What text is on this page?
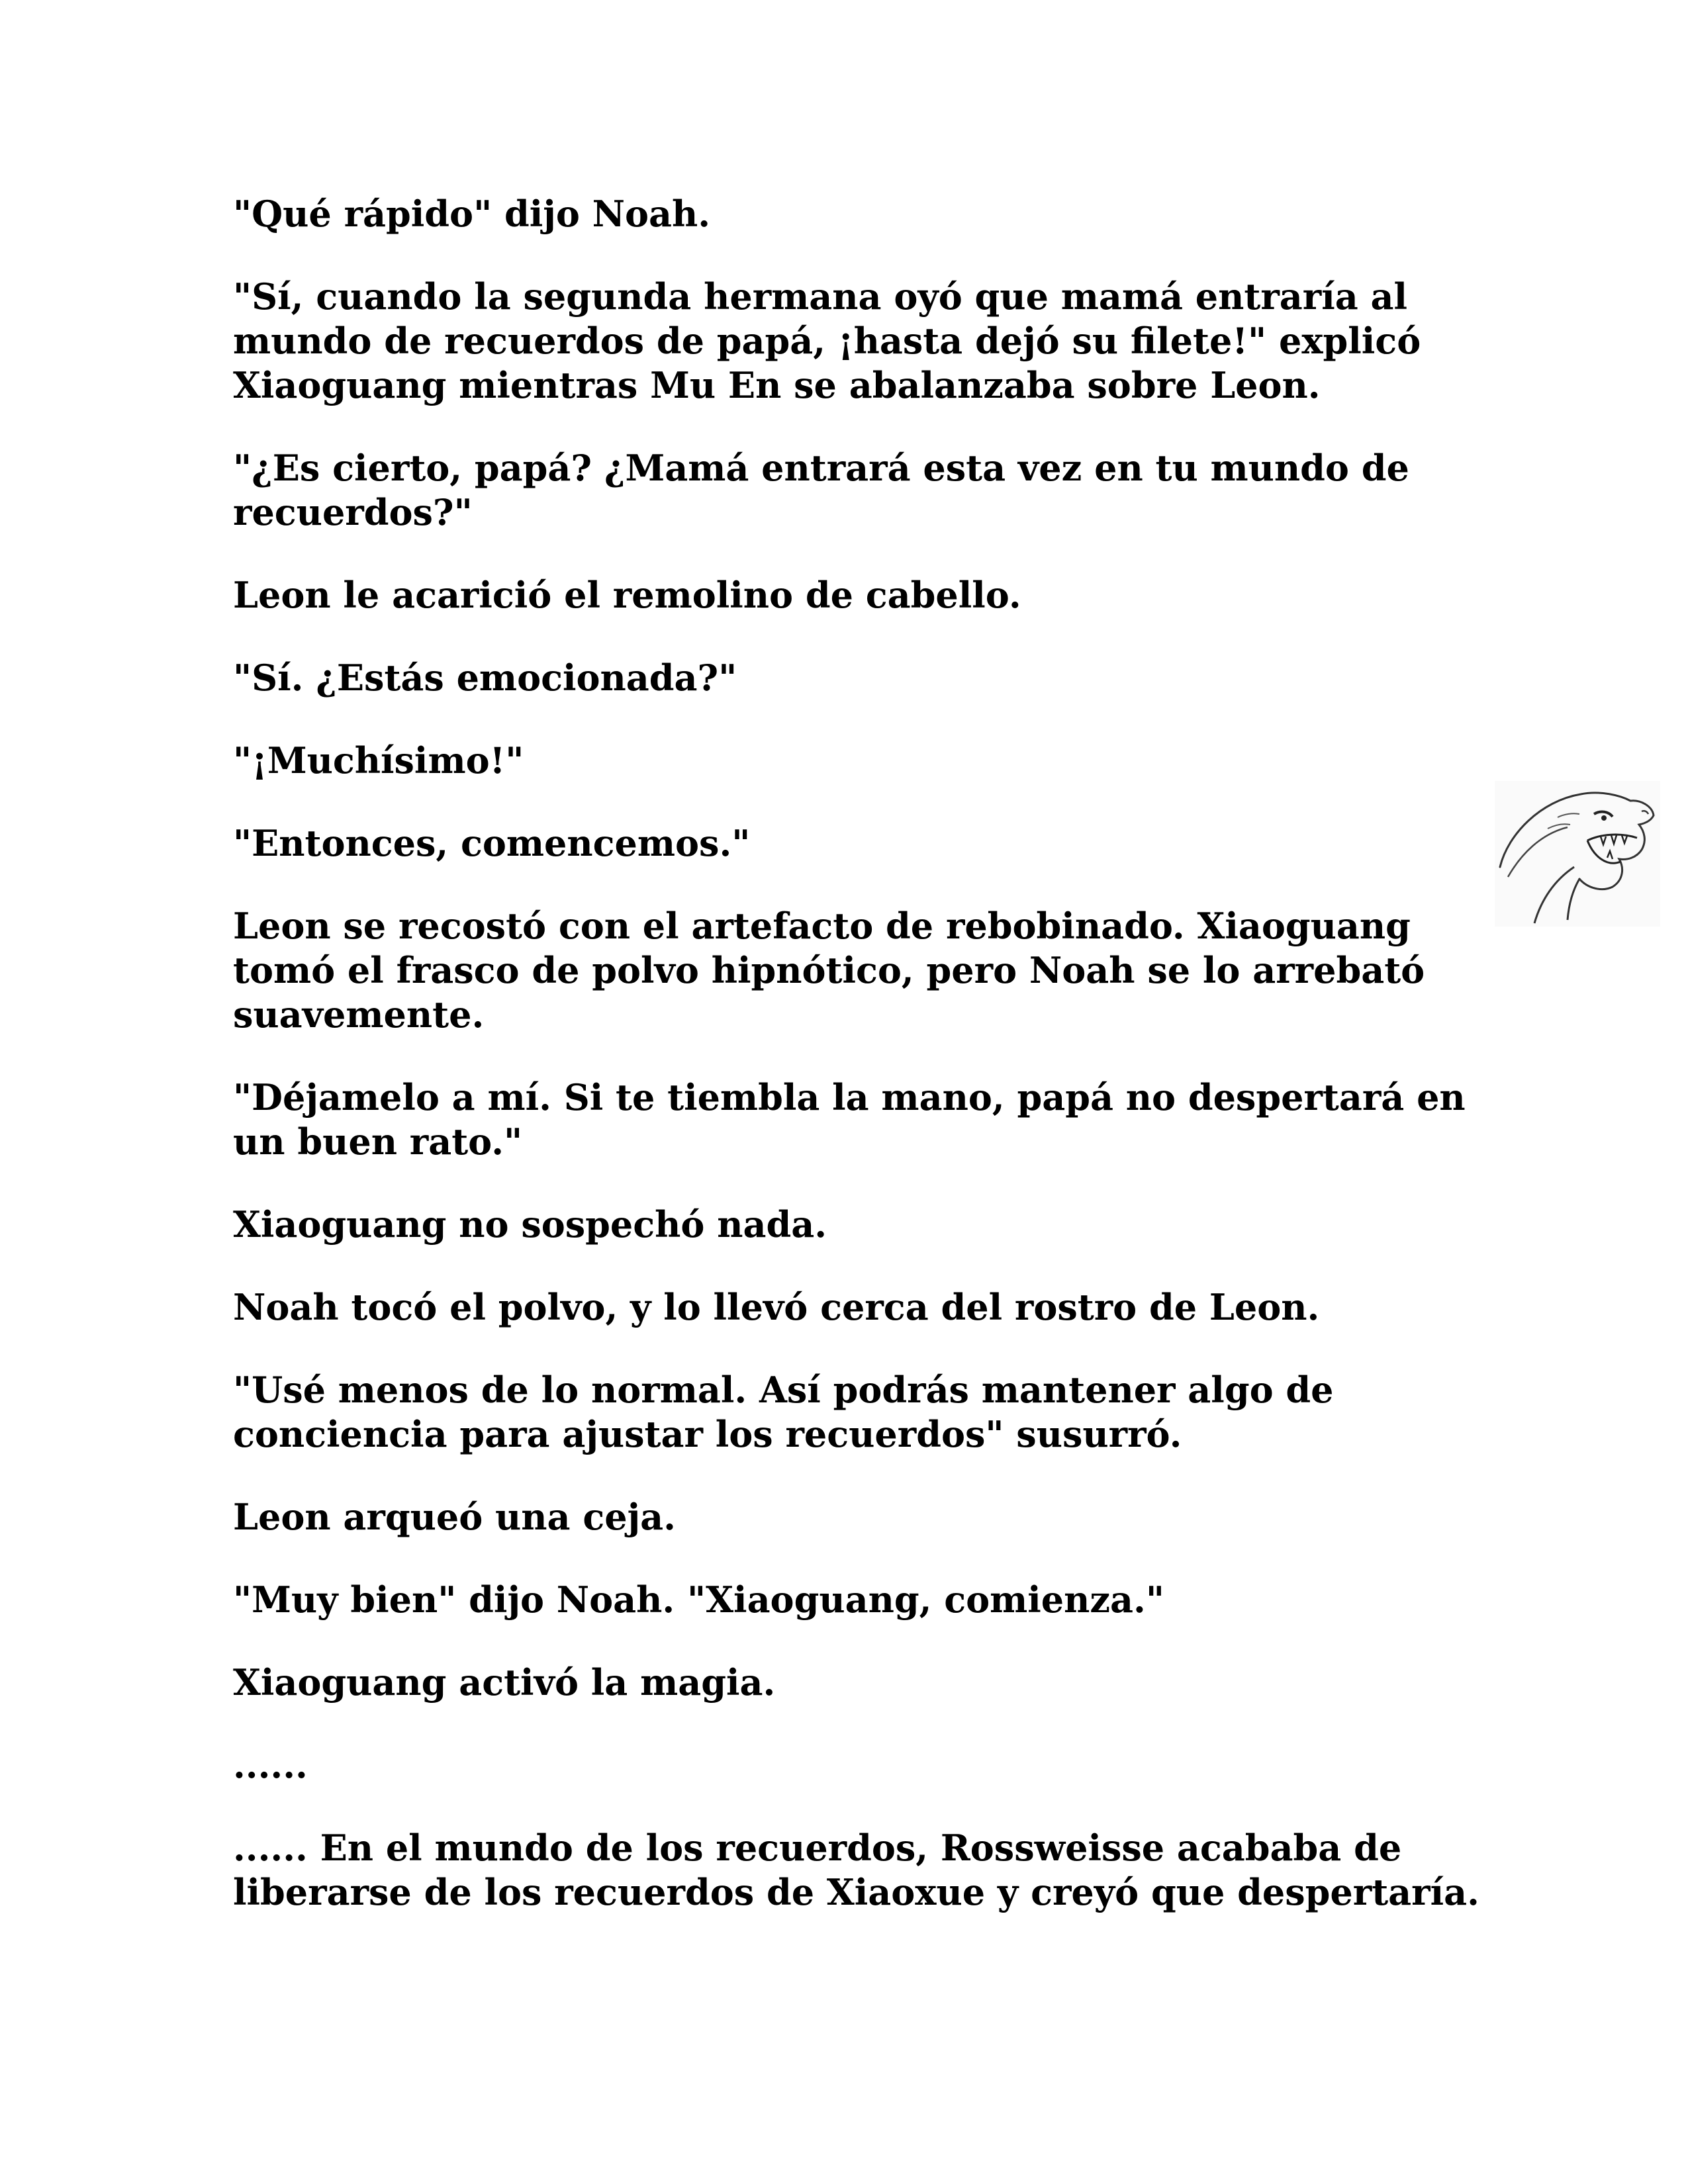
"Qué rápido" dijo Noah.

"Sí, cuando la segunda hermana oyó que mamá entraría al mundo de recuerdos de papá, ¡hasta dejó su filete!" explicó Xiaoguang mientras Mu En se abalanzaba sobre Leon.

"¿Es cierto, papá? ¿Mamá entrará esta vez en tu mundo de recuerdos?"

Leon le acarició el remolino de cabello.

"Sí. ¿Estás emocionada?"

"¡Muchísimo!"

"Entonces, comencemos."

Leon se recostó con el artefacto de rebobinado. Xiaoguang tomó el frasco de polvo hipnótico, pero Noah se lo arrebató suavemente.

"Déjamelo a mí. Si te tiembla la mano, papá no despertará en un buen rato."

Xiaoguang no sospechó nada.

Noah tocó el polvo, y lo llevó cerca del rostro de Leon.

"Usé menos de lo normal. Así podrás mantener algo de conciencia para ajustar los recuerdos" susurró.

Leon arqueó una ceja.

"Muy bien" dijo Noah. "Xiaoguang, comienza."

Xiaoguang activó la magia.

......

...... En el mundo de los recuerdos, Rossweisse acababa de liberarse de los recuerdos de Xiaoxue y creyó que despertaría.
